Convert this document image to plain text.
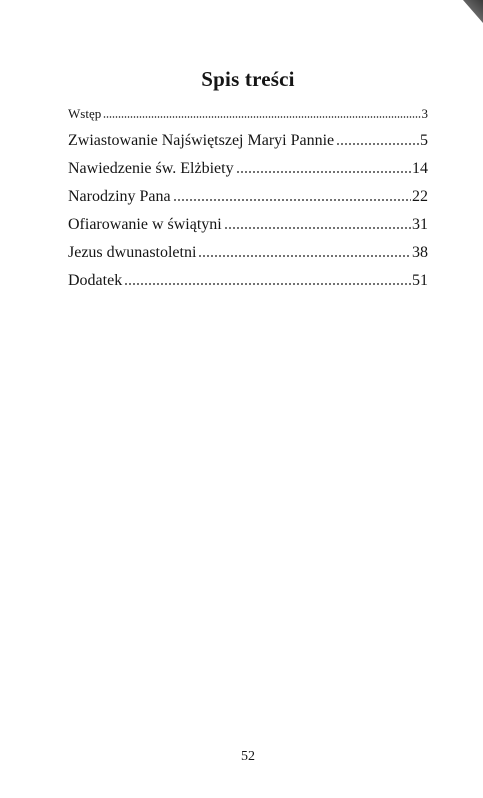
Spis treści
Wstęp	3
Zwiastowanie Najświętszej Maryi Pannie	5
Nawiedzenie św. Elżbiety	14
Narodziny Pana	22
Ofiarowanie w świątyni	31
Jezus dwunastoletni	38
Dodatek	51
52
